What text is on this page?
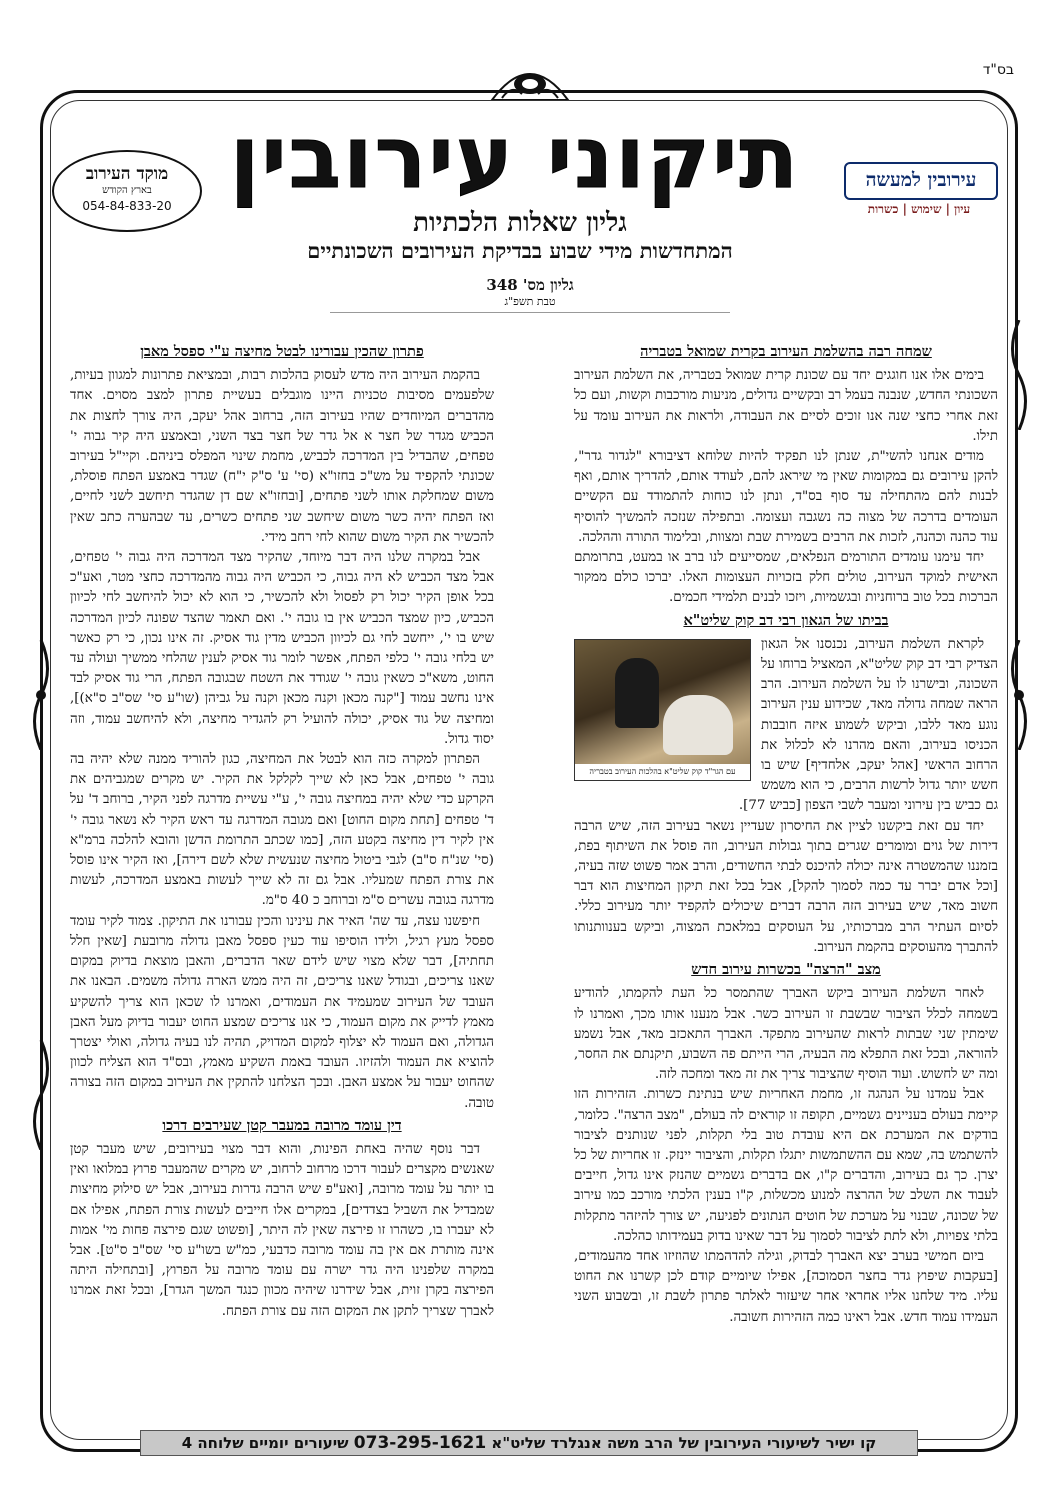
בס"ד
תיקוני עירובין
גליון שאלות הלכתיות
המתחדשות מידי שבוע בבדיקת העירובים השכונתיים
גליון מס' 348
טבת תשפ"ג
מוקד העירוב
בארץ הקודש
054-84-833-20
עירובין למעשה
עיון | שימוש | כשרות
שמחה רבה בהשלמת העירוב בקרית שמואל בטבריה

בימים אלו אנו חוגגים יחד עם שכונת קרית שמואל בטבריה, את השלמת העירוב השכונתי החדש, שנבנה בעמל רב ובקשיים גדולים, מניעות מורכבות וקשות, ועם כל זאת אחרי כחצי שנה אנו זוכים לסיים את העבודה, ולראות את העירוב עומד על תילו.

מודים אנחנו להשי"ת, שנתן לנו תפקיד להיות שלוחא דציבורא "לגדור גדר", להקן עירובים גם במקומות שאין מי שיראג להם, לעודד אותם, להדריך אותם, ואף לבנות להם מהתחילה עד סוף בס"ד, ונתן לנו כוחות להתמודד עם הקשיים העומדים בדרכה של מצוה כה נשגבה ועצומה. ובתפילה שנזכה להמשיך להוסיף עוד כהנה וכהנה, לזכות את הרבים בשמירת שבת ומצוות, ובלימוד התורה וההלכה.

יחד עימנו עומדים התורמים הנפלאים, שמסייעים לנו ברב או במעט, בתרומתם האישית למוקד העירוב, טולים חלק בזכויות העצומות האלו. יברכו כולם ממקור הברכות בכל טוב ברוחניות ובגשמיות, ויזכו לבנים תלמידי חכמים.

בביתו של הגאון רבי דב קוק שליט"א
עם הגר"ד קוק שליט"א בהלכות העירוב בטבריה

לקראת השלמת העירוב, נכנסנו אל הגאון הצדיק רבי דב קוק שליט"א, המאציל ברוחו על השכונה, ובישרנו לו על השלמת העירוב. הרב הראה שמחה גדולה מאד, שכידוע ענין העירוב נוגע מאד ללבו, וביקש לשמוע איזה חובבות הכניסו בעירוב, והאם מהרנו לא לכלול את הרחוב הראשי [אהל יעקב, אלחדיף] שיש בו חשש יותר גדול לרשות הרבים, כי הוא משמש גם כביש בין עירוני ומעבר לשבי הצפון [כביש 77].

יחד עם זאת ביקשנו לציין את החיסרון שעדיין נשאר בעירוב הזה, שיש הרבה דירות של גוים ומומרים שגרים בתוך גבולות העירוב, וזה פוסל את השיתוף בפת, בזמננו שהמשטרה אינה יכולה להיכנס לבתי החשודים, והרב אמר פשוט שזה בעיה, [וכל אדם יברר עד כמה לסמוך להקל], אבל בכל זאת תיקון המחיצות הוא דבר חשוב מאד, שיש בעירוב הזה הרבה דברים שיכולים להקפיד יותר מעירוב כללי. לסיום העתיר הרב מברכותיו, על העוסקים במלאכת המצוה, וביקש בענוותנותו להתברך מהעוסקים בהקמת העירוב.

מצב "הרצה" בכשרות עירוב חדש

לאחר השלמת העירוב ביקש האברך שהתמסר כל העת להקמתו, להודיע בשמחה לכלל הציבור שבשבת זו העירוב כשר. אבל מנענו אותו מכך, ואמרנו לו שימתין שני שבתות לראות שהעירוב מתפקד. האברך התאכזב מאד, אבל נשמע להוראה, ובכל זאת התפלא מה הבעיה, הרי הייתם פה השבוע, תיקנתם את החסר, ומה יש לחשוש. ועוד הוסיף שהציבור צריך את זה מאד ומחכה לזה.

אבל עמדנו על הנהגה זו, מחמת האחריות שיש בנתינת כשרות. הזהירות הזו קיימת בעולם בעניינים גשמיים, תקופה זו קוראים לה בעולם, "מצב הרצה". כלומר, בודקים את המערכת אם היא עובדת טוב בלי תקלות, לפני שנותנים לציבור להשתמש בה, שמא עם ההשתמשות יתגלו תקלות, והציבור יינזק. זו אחריות של כל יצרן. כך גם בעירוב, והדברים ק"ו, אם בדברים גשמיים שהנזק אינו גדול, חייבים לעבוד את השלב של ההרצה למנוע מכשלות, ק"ו בענין הלכתי מורכב כמו עירוב של שכונה, שבנוי על מערכת של חוטים הנתונים לפגיעה, יש צורך להיזהר מתקלות בלתי צפויות, ולא לתת לציבור לסמוך על דבר שאינו בדוק בעמידותו כהלכה.

ביום חמישי בערב יצא האברך לבדוק, וגילה להדהמתו שהוזיזו אחד מהעמודים, [בעקבות שיפוץ גדר בחצר הסמוכה], אפילו שיומיים קודם לכן קשרנו את החוט עליו. מיד שלחנו אליו אחראי אחר שיעזור לאלתר פתרון לשבת זו, ובשבוע השני העמידו עמוד חדש. אבל ראינו כמה הזהירות חשובה.

פתרון שהכין עבורינו לבטל מחיצה ע"י ספסל מאבן

בהקמת העירוב היה מדש לעסוק בהלכות רבות, ובמציאת פתרונות למגוון בעיות, שלפעמים מסיבות טכניות היינו מוגבלים בעשיית פתרון למצב מסוים. אחד מהדברים המיוחדים שהיו בעירוב הזה, ברחוב אהל יעקב, היה צורך לחצות את הכביש מגדר של חצר א אל גדר של חצר בצד השני, ובאמצע היה קיר גבוה י' טפחים, שהבדיל בין המדרכה לכביש, מחמת שינוי המפלס ביניהם. וקיי"ל בעירוב שכונתי להקפיד על מש"כ בחזו"א (סי' ע' ס"ק י"ח) שגדר באמצע הפתח פוסלת, משום שמחלקת אותו לשני פתחים, [ובחזו"א שם דן שהגדר תיחשב לשני לחיים, ואז הפתח יהיה כשר משום שיחשב שני פתחים כשרים, עד שבהערה כתב שאין להכשיר את הקיר משום שהוא לחי רחב מידי.

אבל במקרה שלנו היה דבר מיוחד, שהקיר מצד המדרכה היה גבוה י' טפחים, אבל מצד הכביש לא היה גבוה, כי הכביש היה גבוה מהמדרכה כחצי מטר, ואע"כ בכל אופן הקיר יכול רק לפסול ולא להכשיר, כי הוא לא יכול להיחשב לחי לכיוון הכביש, כיון שמצד הכביש אין בו גובה י'. ואם תאמר שהצד שפונה לכיון המדרכה שיש בו י', ייחשב לחי גם לכיוון הכביש מדין גוד אסיק. זה אינו נכון, כי רק כאשר יש בלחי גובה י' כלפי הפתח, אפשר לומר גוד אסיק לענין שהלחי ממשיך ועולה עד החוט, משא"כ כשאין גובה י' שגודד את השטח שבגובה הפתח, הרי גוד אסיק לבד אינו נחשב עמוד ["קנה מכאן וקנה מכאן וקנה על גביהן (שו"ע סי' שס"ב ס"א)], ומחיצה של גוד אסיק, יכולה להועיל רק להגדיר מחיצה, ולא להיחשב עמוד, וזה יסוד גדול.

הפתרון למקרה כזה הוא לבטל את המחיצה, כגון להוריד ממנה שלא יהיה בה גובה י' טפחים, אבל כאן לא שייך לקלקל את הקיר. יש מקרים שמגביהים את הקרקע כדי שלא יהיה במחיצה גובה י', ע"י עשיית מדרגה לפני הקיר, ברוחב ד' על ד' טפחים [תחת מקום החוט] ואם מגובה המדרגה עד ראש הקיר לא נשאר גובה י' אין לקיר דין מחיצה בקטע הזה, [כמו שכתב התרומת הדשן והובא להלכה ברמ"א (סי' שנ"ח ס"ב) לגבי ביטול מחיצה שנעשית שלא לשם דירה], ואז הקיר אינו פוסל את צורת הפתח שמעליו. אבל גם זה לא שייך לעשות באמצע המדרכה, לעשות מדרגה בגובה עשרים ס"מ וברוחב כ 40 ס"מ.

חיפשנו עצה, עד שה' האיר את עינינו והכין עבורנו את התיקון. צמוד לקיר עומד ספסל מעץ רגיל, ולידו הוסיפו עוד כעין ספסל מאבן גדולה מרובעת [שאין חלל תחתיה], דבר שלא מצוי שיש לידם שאר הדברים, והאבן מוצאת בדיוק במקום שאנו צריכים, ובגודל שאנו צריכים, זה היה ממש הארה גדולה משמים. הבאנו את העובד של העירוב שמעמיד את העמודים, ואמרנו לו שכאן הוא צריך להשקיע מאמץ לדייק את מקום העמוד, כי אנו צריכים שמצע החוט יעבור בדיוק מעל האבן הגדולה, ואם העמוד לא יצלוף למקום המדויק, תהיה לנו בעיה גדולה, ואולי יצטרך להוציא את העמוד ולהזיזו. העובד באמת השקיע מאמץ, ובס"ד הוא הצליח לכוון שהחוט יעבור על אמצע האבן. ובכך הצלחנו להתקין את העירוב במקום הזה בצורה טובה.

דין עומד מרובה במעבר קטן שעירבים דרכו

דבר נוסף שהיה באחת הפינות, והוא דבר מצוי בעירובים, שיש מעבר קטן שאנשים מקצרים לעבור דרכו מרחוב לרחוב, יש מקרים שהמעבר פרוץ במלואו ואין בו יותר על עומד מרובה, [ואע"פ שיש הרבה גדרות בעירוב, אבל יש סילוק מחיצות שמבדיל את השביל בצדדים], במקרים אלו חייבים לעשות צורת הפתח, אפילו אם לא יעברו בו, כשהרו זו פירצה שאין לה היתר, [ופשוט שגם פירצה פחות מי' אמות אינה מותרת אם אין בה עומד מרובה כדבעי, כמ"ש בשו"ע סי' שס"ב ס"ט]. אבל במקרה שלפנינו היה גדר ישרה עם עומד מרובה על הפרוץ, [ובתחילה היתה הפירצה בקרן זוית, אבל שידרנו שיהיה מכוון כנגד המשך הגדר], ובכל זאת אמרנו לאברך שצריך לתקן את המקום הזה עם צורת הפתח.

קו ישיר לשיעורי העירובין של הרב משה אנגלרד שליט"א 073-295-1621 שיעורים יומיים שלוחה 4
